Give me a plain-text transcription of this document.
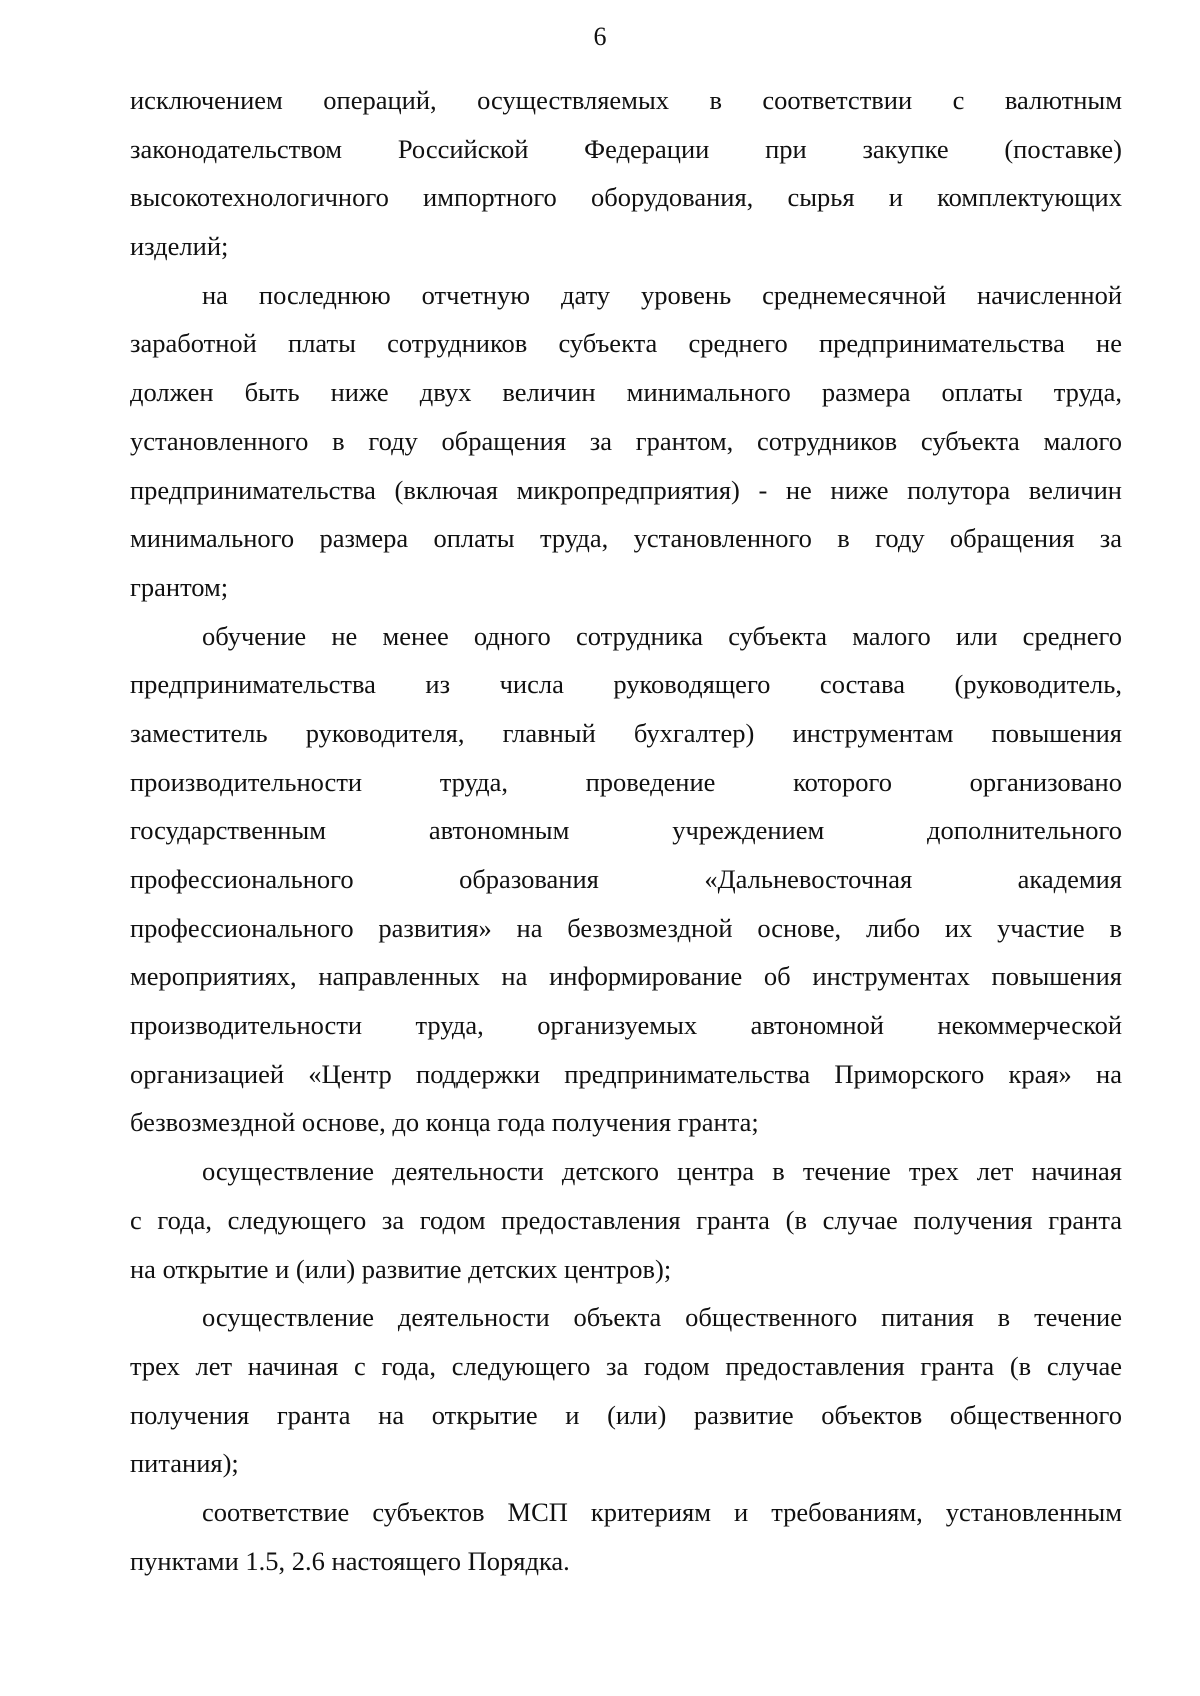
6
исключением операций, осуществляемых в соответствии с валютным
законодательством Российской Федерации при закупке (поставке)
высокотехнологичного импортного оборудования, сырья и комплектующих
изделий;
на последнюю отчетную дату уровень среднемесячной начисленной
заработной платы сотрудников субъекта среднего предпринимательства не
должен быть ниже двух величин минимального размера оплаты труда,
установленного в году обращения за грантом, сотрудников субъекта малого
предпринимательства (включая микропредприятия) - не ниже полутора величин
минимального размера оплаты труда, установленного в году обращения за
грантом;
обучение не менее одного сотрудника субъекта малого или среднего
предпринимательства из числа руководящего состава (руководитель,
заместитель руководителя, главный бухгалтер) инструментам повышения
производительности труда, проведение которого организовано
государственным автономным учреждением дополнительного
профессионального образования «Дальневосточная академия
профессионального развития» на безвозмездной основе, либо их участие в
мероприятиях, направленных на информирование об инструментах повышения
производительности труда, организуемых автономной некоммерческой
организацией «Центр поддержки предпринимательства Приморского края» на
безвозмездной основе, до конца года получения гранта;
осуществление деятельности детского центра в течение трех лет начиная
с года, следующего за годом предоставления гранта (в случае получения гранта
на открытие и (или) развитие детских центров);
осуществление деятельности объекта общественного питания в течение
трех лет начиная с года, следующего за годом предоставления гранта (в случае
получения гранта на открытие и (или) развитие объектов общественного
питания);
соответствие субъектов МСП критериям и требованиям, установленным
пунктами 1.5, 2.6 настоящего Порядка.
